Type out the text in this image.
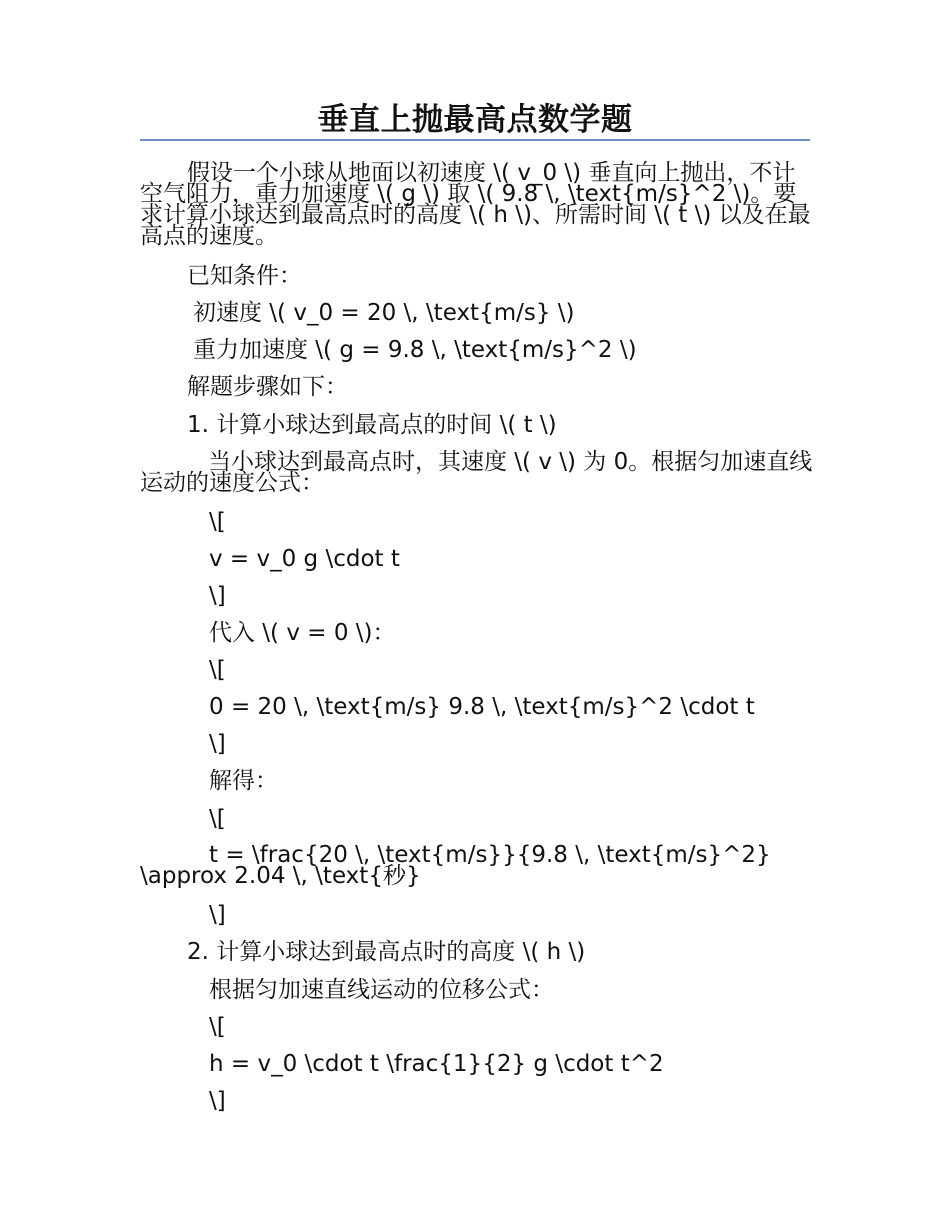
垂直上抛最高点数学题
假设一个小球从地面以初速度 \( v_0 \) 垂直向上抛出，不计空气阻力，重力加速度 \( g \) 取 \( 9.8 \, \text{m/s}^2 \)。要求计算小球达到最高点时的高度 \( h \)、所需时间 \( t \) 以及在最高点的速度。
已知条件：
初速度 \( v_0 = 20 \, \text{m/s} \)
重力加速度 \( g = 9.8 \, \text{m/s}^2 \)
解题步骤如下：
1. 计算小球达到最高点的时间 \( t \)
当小球达到最高点时，其速度 \( v \) 为 0。根据匀加速直线运动的速度公式：
\[
v = v_0 g \cdot t
\]
代入 \( v = 0 \)：
\[
0 = 20 \, \text{m/s} 9.8 \, \text{m/s}^2 \cdot t
\]
解得：
\[
t = \frac{20 \, \text{m/s}}{9.8 \, \text{m/s}^2} \approx 2.04 \, \text{秒}
\]
2. 计算小球达到最高点时的高度 \( h \)
根据匀加速直线运动的位移公式：
\[
h = v_0 \cdot t \frac{1}{2} g \cdot t^2
\]
